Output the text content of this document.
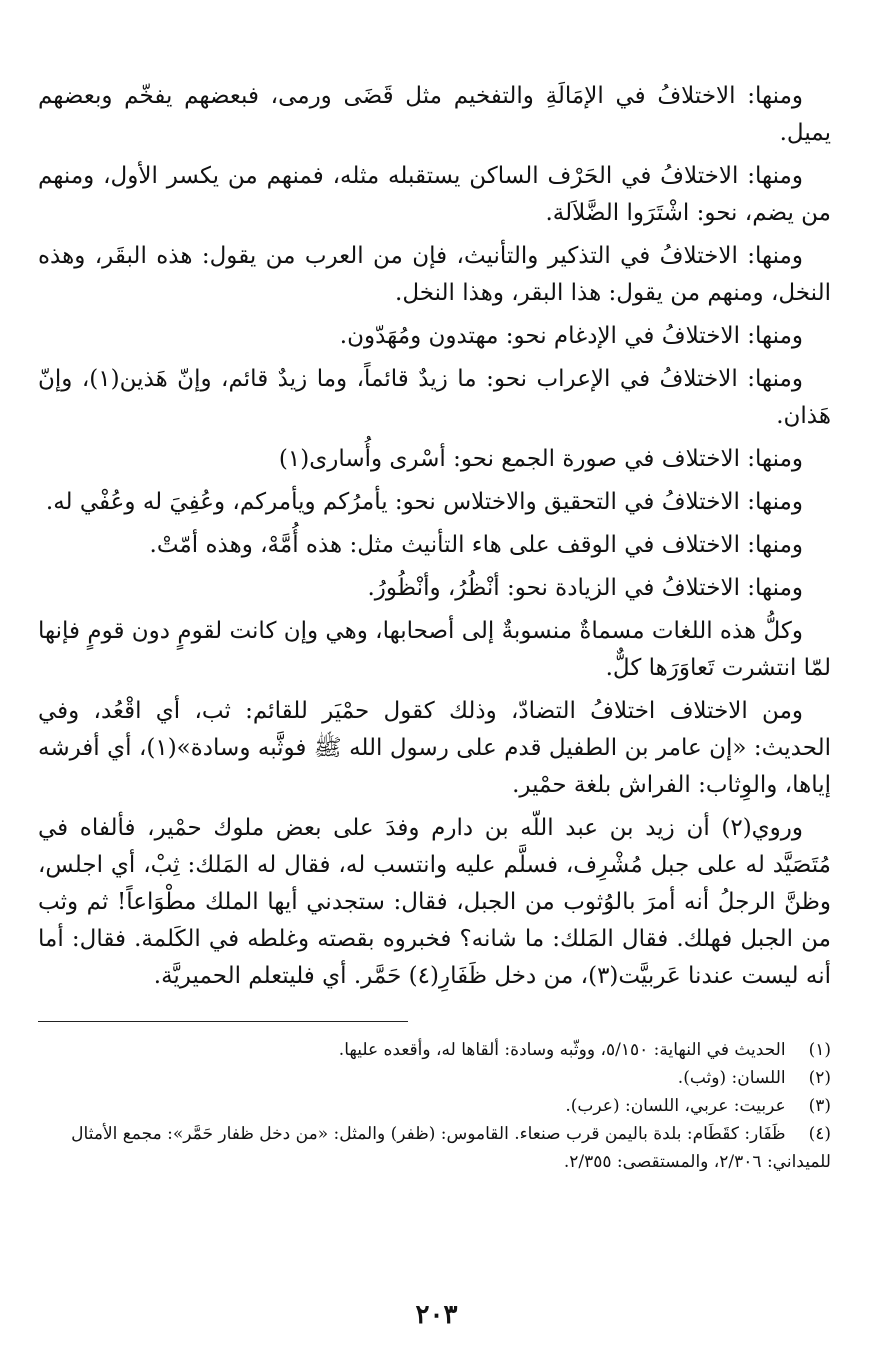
ومنها: الاختلافُ في الإمَالَةِ والتفخيم مثل قَضَى ورمى، فبعضهم يفخّم وبعضهم يميل.

ومنها: الاختلافُ في الحَرْف الساكن يستقبله مثله، فمنهم من يكسر الأول، ومنهم من يضم، نحو: اشْتَرَوا الضَّلاَلة.

ومنها: الاختلافُ في التذكير والتأنيث، فإن من العرب من يقول: هذه البقَر، وهذه النخل، ومنهم من يقول: هذا البقر، وهذا النخل.

ومنها: الاختلافُ في الإدغام نحو: مهتدون ومُهَدّون.

ومنها: الاختلافُ في الإعراب نحو: ما زيدٌ قائماً، وما زيدٌ قائم، وإنّ هَذين(١)، وإنّ هَذان.

ومنها: الاختلاف في صورة الجمع نحو: أسْرى وأُسارى(١)

ومنها: الاختلافُ في التحقيق والاختلاس نحو: يأمرُكم ويأمركم، وعُفِيَ له وعُفْي له.

ومنها: الاختلاف في الوقف على هاء التأنيث مثل: هذه أُمَّهْ، وهذه أمّتْ.

ومنها: الاختلافُ في الزيادة نحو: أنْظُرُ، وأنْظُورُ.

وكلُّ هذه اللغات مسماةٌ منسوبةٌ إلى أصحابها، وهي وإن كانت لقومٍ دون قومٍ فإنها لمّا انتشرت تَعاوَرَها كلٌّ.

ومن الاختلاف اختلافُ التضادّ، وذلك كقول حمْيَر للقائم: ثب، أي اقْعُد، وفي الحديث: «إن عامر بن الطفيل قدم على رسول الله ﷺ فوثَّبه وسادة»(١)، أي أفرشه إياها، والوِثاب: الفراش بلغة حمْير.

وروي(٢) أن زيد بن عبد اللّه بن دارم وفدَ على بعض ملوك حمْير، فألفاه في مُتَصَيَّد له على جبل مُشْرِف، فسلَّم عليه وانتسب له، فقال له المَلك: ثِبْ، أي اجلس، وظنَّ الرجلُ أنه أمرَ بالوُثوب من الجبل، فقال: ستجدني أيها الملك مطْوَاعاً! ثم وثب من الجبل فهلك. فقال المَلك: ما شانه؟ فخبروه بقصته وغلطه في الكَلمة. فقال: أما أنه ليست عندنا عَربيَّت(٣)، من دخل ظَفَارِ(٤) حَمَّر. أي فليتعلم الحميريَّة.

(١) الحديث في النهاية: ٥/١٥٠، ووثّبه وسادة: ألقاها له، وأقعده عليها.

(٢) اللسان: (وثب).

(٣) عربيت: عربي، اللسان: (عرب).

(٤) ظَفَار: كقَطَام: بلدة باليمن قرب صنعاء. القاموس: (ظفر) والمثل: «من دخل ظفار حَمَّر»: مجمع الأمثال للميداني: ٢/٣٠٦، والمستقصى: ٢/٣٥٥.

٢٠٣
